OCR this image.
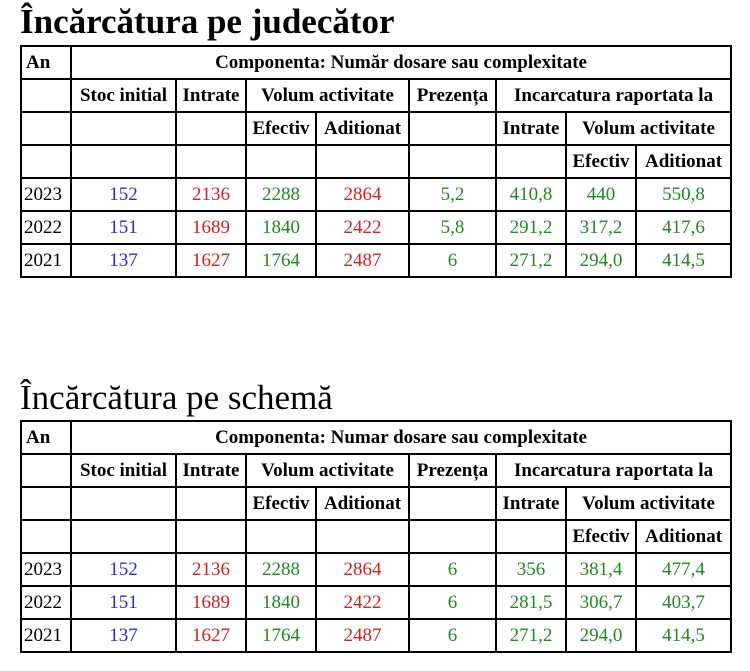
Încărcătura pe judecător
An	Componenta: Număr dosare sau complexitate							
	Stoc initial	Intrate	Volum activitate		Prezența	Incarcatura raportata la		
			Efectiv	Aditionat		Intrate	Volum activitate	
							Efectiv	Aditionat
2023	152	2136	2288	2864	5,2	410,8	440	550,8
2022	151	1689	1840	2422	5,8	291,2	317,2	417,6
2021	137	1627	1764	2487	6	271,2	294,0	414,5
Încărcătura pe schemă
An	Componenta: Numar dosare sau complexitate							
	Stoc initial	Intrate	Volum activitate		Prezența	Incarcatura raportata la		
			Efectiv	Aditionat		Intrate	Volum activitate	
							Efectiv	Aditionat
2023	152	2136	2288	2864	6	356	381,4	477,4
2022	151	1689	1840	2422	6	281,5	306,7	403,7
2021	137	1627	1764	2487	6	271,2	294,0	414,5
